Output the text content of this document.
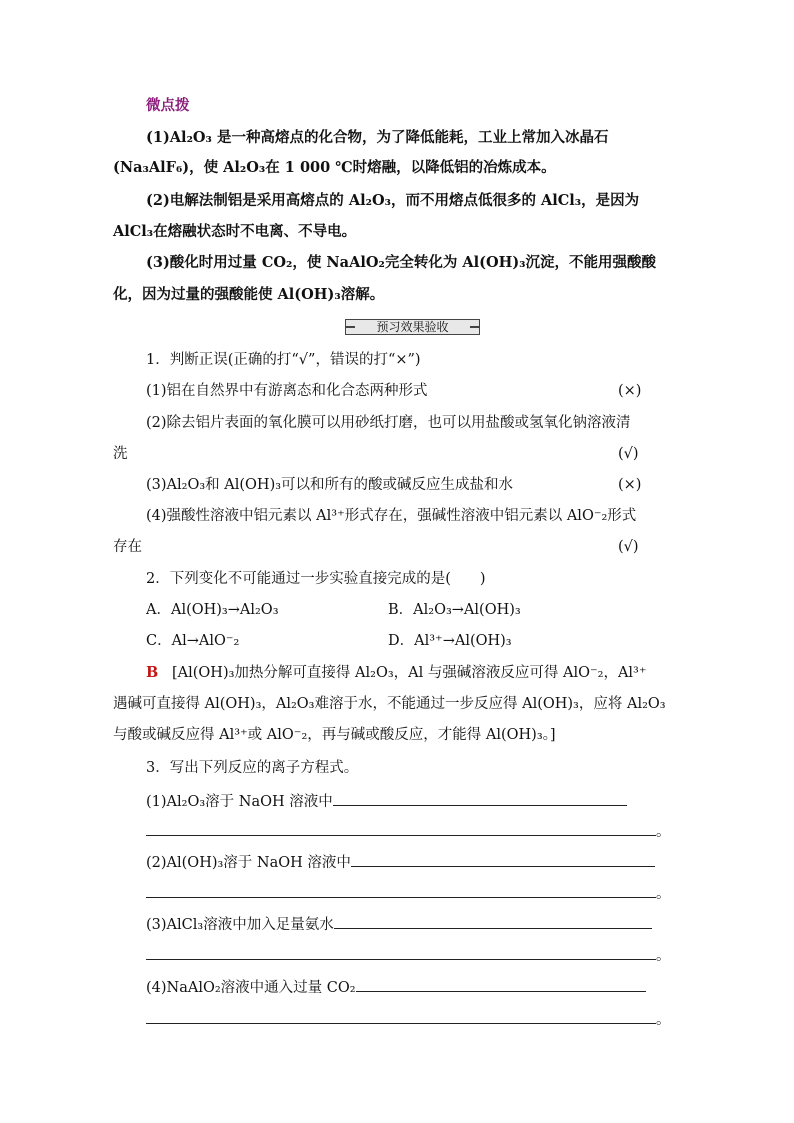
微点拨
(1)Al₂O₃ 是一种高熔点的化合物，为了降低能耗，工业上常加入冰晶石
(Na₃AlF₆)，使 Al₂O₃在 1 000 ℃时熔融，以降低铝的冶炼成本。
(2)电解法制铝是采用高熔点的 Al₂O₃，而不用熔点低很多的 AlCl₃，是因为
AlCl₃在熔融状态时不电离、不导电。
(3)酸化时用过量 CO₂，使 NaAlO₂完全转化为 Al(OH)₃沉淀，不能用强酸酸
化，因为过量的强酸能使 Al(OH)₃溶解。
预习效果验收
1．判断正误(正确的打“√”，错误的打“×”)
(1)铝在自然界中有游离态和化合态两种形式	(×)
(2)除去铝片表面的氧化膜可以用砂纸打磨，也可以用盐酸或氢氧化钠溶液清
洗	(√)
(3)Al₂O₃和 Al(OH)₃可以和所有的酸或碱反应生成盐和水	(×)
(4)强酸性溶液中铝元素以 Al³⁺形式存在，强碱性溶液中铝元素以 AlO⁻₂形式
存在	(√)
2．下列变化不可能通过一步实验直接完成的是(　　)
A．Al(OH)₃→Al₂O₃	B．Al₂O₃→Al(OH)₃
C．Al→AlO⁻₂	D．Al³⁺→Al(OH)₃
B [Al(OH)₃加热分解可直接得 Al₂O₃，Al 与强碱溶液反应可得 AlO⁻₂，Al³⁺
遇碱可直接得 Al(OH)₃，Al₂O₃难溶于水，不能通过一步反应得 Al(OH)₃，应将 Al₂O₃
与酸或碱反应得 Al³⁺或 AlO⁻₂，再与碱或酸反应，才能得 Al(OH)₃。]
3．写出下列反应的离子方程式。
(1)Al₂O₃溶于 NaOH 溶液中
。
(2)Al(OH)₃溶于 NaOH 溶液中
。
(3)AlCl₃溶液中加入足量氨水
。
(4)NaAlO₂溶液中通入过量 CO₂
。
